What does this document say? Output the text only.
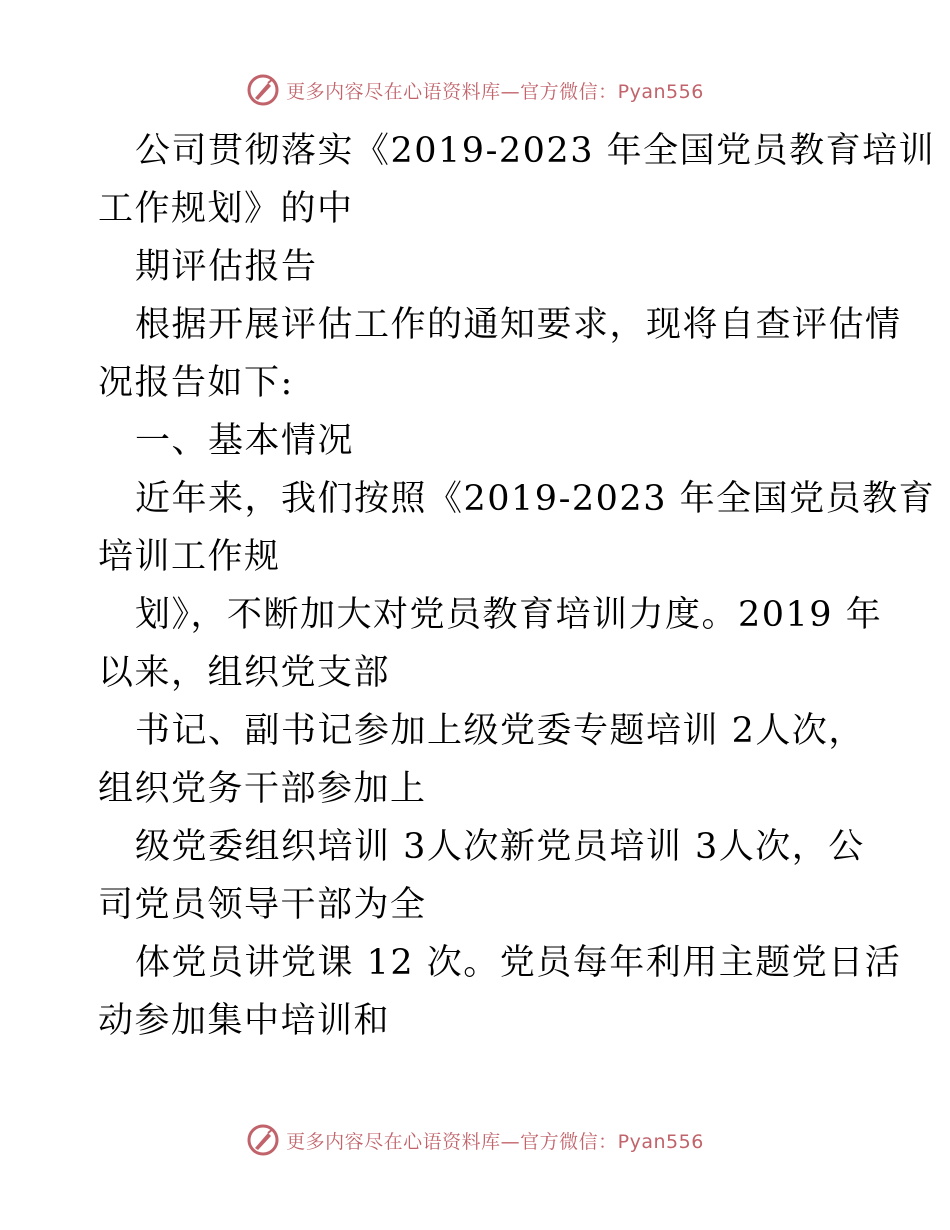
更多内容尽在心语资料库—官方微信：Pyan556
公司贯彻落实《2019-2023 年全国党员教育培训
工作规划》的中
期评估报告
根据开展评估工作的通知要求，现将自查评估情
况报告如下:
一、基本情况
近年来，我们按照《2019-2023 年全国党员教育
培训工作规
划》，不断加大对党员教育培训力度。2019 年
以来，组织党支部
书记、副书记参加上级党委专题培训 2人次，
组织党务干部参加上
级党委组织培训 3人次新党员培训 3人次，公
司党员领导干部为全
体党员讲党课 12 次。党员每年利用主题党日活
动参加集中培训和
更多内容尽在心语资料库—官方微信：Pyan556
